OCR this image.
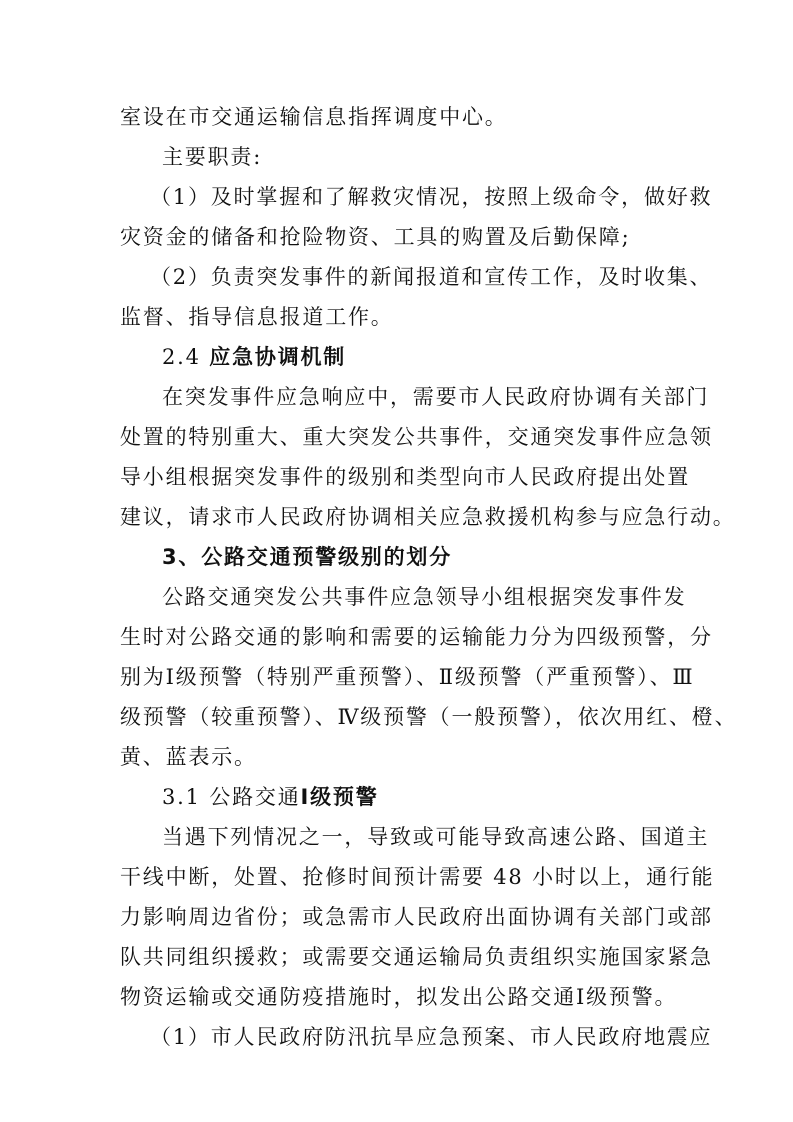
室设在市交通运输信息指挥调度中心。
主要职责:
（1）及时掌握和了解救灾情况，按照上级命令，做好救
灾资金的储备和抢险物资、工具的购置及后勤保障;
（2）负责突发事件的新闻报道和宣传工作，及时收集、
监督、指导信息报道工作。
2.4 应急协调机制
在突发事件应急响应中，需要市人民政府协调有关部门
处置的特别重大、重大突发公共事件，交通突发事件应急领
导小组根据突发事件的级别和类型向市人民政府提出处置
建议，请求市人民政府协调相关应急救援机构参与应急行动。
3、公路交通预警级别的划分
公路交通突发公共事件应急领导小组根据突发事件发
生时对公路交通的影响和需要的运输能力分为四级预警，分
别为Ⅰ级预警（特别严重预警）、Ⅱ级预警（严重预警）、Ⅲ
级预警（较重预警）、Ⅳ级预警（一般预警），依次用红、橙、
黄、蓝表示。
3.1 公路交通Ⅰ级预警
当遇下列情况之一，导致或可能导致高速公路、国道主
干线中断，处置、抢修时间预计需要 48 小时以上，通行能
力影响周边省份；或急需市人民政府出面协调有关部门或部
队共同组织援救；或需要交通运输局负责组织实施国家紧急
物资运输或交通防疫措施时，拟发出公路交通Ⅰ级预警。
（1）市人民政府防汛抗旱应急预案、市人民政府地震应
